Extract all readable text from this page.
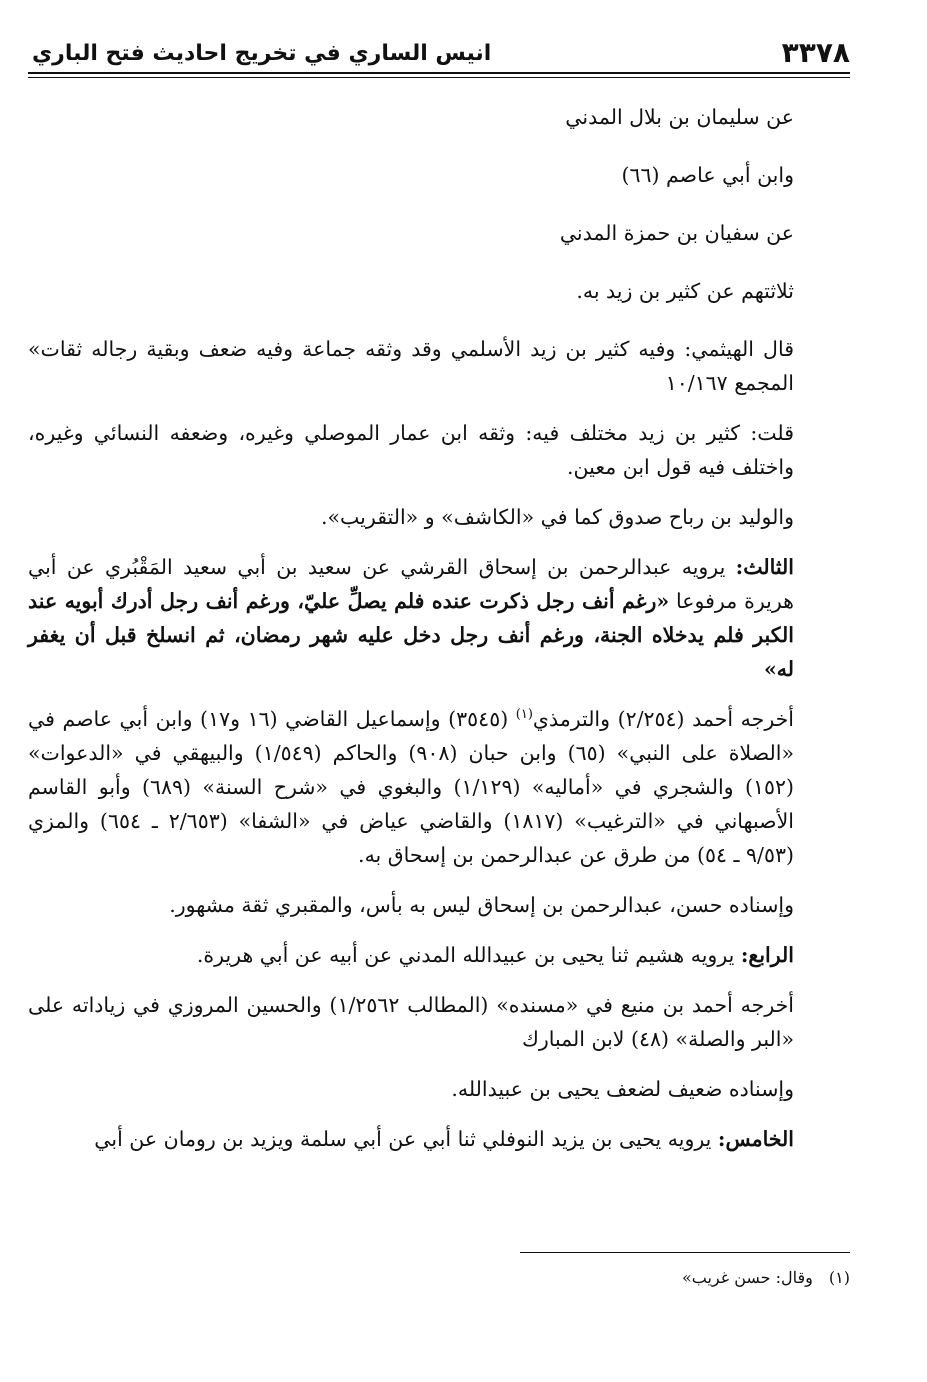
٣٣٧٨
انيس الساري في تخريج احاديث فتح الباري
عن سليمان بن بلال المدني
وابن أبي عاصم (٦٦)
عن سفيان بن حمزة المدني
ثلاثتهم عن كثير بن زيد به.

قال الهيثمي: وفيه كثير بن زيد الأسلمي وقد وثقه جماعة وفيه ضعف وبقية رجاله ثقات» المجمع ١٠/١٦٧

قلت: كثير بن زيد مختلف فيه: وثقه ابن عمار الموصلي وغيره، وضعفه النسائي وغيره، واختلف فيه قول ابن معين.

والوليد بن رباح صدوق كما في «الكاشف» و «التقريب».

الثالث: يرويه عبدالرحمن بن إسحاق القرشي عن سعيد بن أبي سعيد المَقْبُري عن أبي هريرة مرفوعا «رغم أنف رجل ذكرت عنده فلم يصلِّ عليّ، ورغم أنف رجل أدرك أبويه عند الكبر فلم يدخلاه الجنة، ورغم أنف رجل دخل عليه شهر رمضان، ثم انسلخ قبل أن يغفر له»

أخرجه أحمد (٢/٢٥٤) والترمذي$^{(١)}$ (٣٥٤٥) وإسماعيل القاضي (١٦ و١٧) وابن أبي عاصم في «الصلاة على النبي» (٦٥) وابن حبان (٩٠٨) والحاكم (١/٥٤٩) والبيهقي في «الدعوات» (١٥٢) والشجري في «أماليه» (١/١٢٩) والبغوي في «شرح السنة» (٦٨٩) وأبو القاسم الأصبهاني في «الترغيب» (١٨١٧) والقاضي عياض في «الشفا» (٢/٦٥٣ ـ ٦٥٤) والمزي (٩/٥٣ ـ ٥٤) من طرق عن عبدالرحمن بن إسحاق به.

وإسناده حسن، عبدالرحمن بن إسحاق ليس به بأس، والمقبري ثقة مشهور.

الرابع: يرويه هشيم ثنا يحيى بن عبيدالله المدني عن أبيه عن أبي هريرة.

أخرجه أحمد بن منيع في «مسنده» (المطالب ١/٢٥٦٢) والحسين المروزي في زياداته على «البر والصلة» (٤٨) لابن المبارك

وإسناده ضعيف لضعف يحيى بن عبيدالله.

الخامس: يرويه يحيى بن يزيد النوفلي ثنا أبي عن أبي سلمة ويزيد بن رومان عن أبي

(١)وقال: حسن غريب»
